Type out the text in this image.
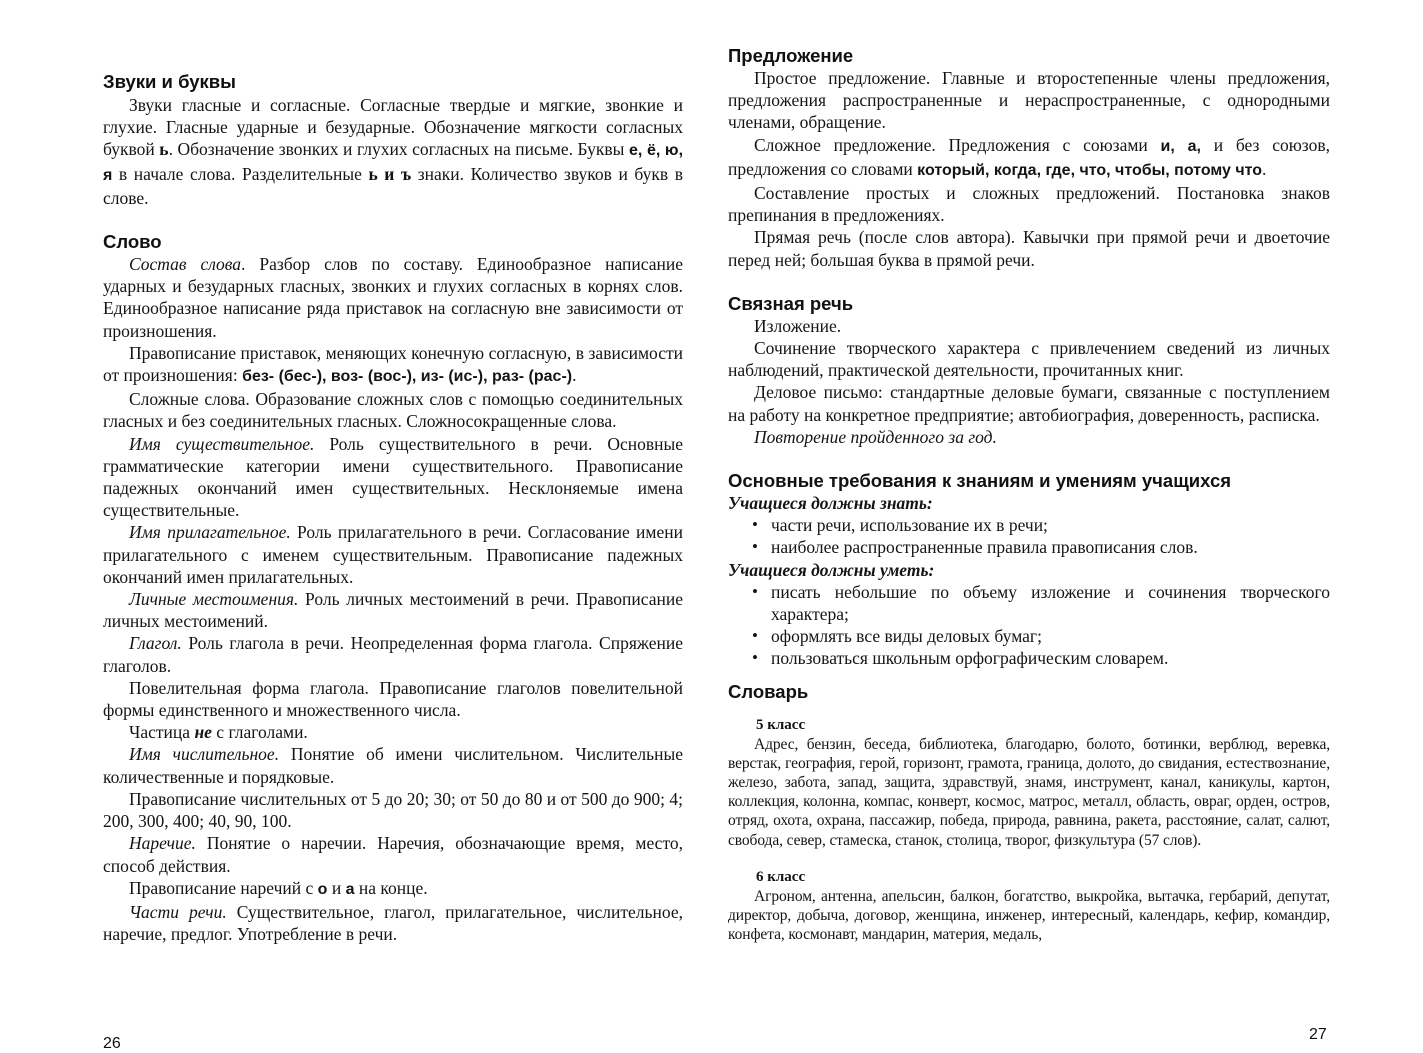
Звуки и буквы

Звуки гласные и согласные. Согласные твердые и мягкие, звонкие и глухие. Гласные ударные и безударные. Обозначение мягкости согласных буквой ь. Обозначение звонких и глухих согласных на письме. Буквы е, ё, ю, я в начале слова. Разделительные ь и ъ знаки. Количество звуков и букв в слове.

Слово

Состав слова. Разбор слов по составу. Единообразное написание ударных и безударных гласных, звонких и глухих согласных в корнях слов. Единообразное написание ряда приставок на согласную вне зависимости от произношения.

Правописание приставок, меняющих конечную согласную, в зависимости от произношения: без- (бес-), воз- (вос-), из- (ис-), раз- (рас-).

Сложные слова. Образование сложных слов с помощью соединительных гласных и без соединительных гласных. Сложносокращенные слова.

Имя существительное. Роль существительного в речи. Основные грамматические категории имени существительного. Правописание падежных окончаний имен существительных. Несклоняемые имена существительные.

Имя прилагательное. Роль прилагательного в речи. Согласование имени прилагательного с именем существительным. Правописание падежных окончаний имен прилагательных.

Личные местоимения. Роль личных местоимений в речи. Правописание личных местоимений.

Глагол. Роль глагола в речи. Неопределенная форма глагола. Спряжение глаголов.

Повелительная форма глагола. Правописание глаголов повелительной формы единственного и множественного числа.

Частица не с глаголами.

Имя числительное. Понятие об имени числительном. Числительные количественные и порядковые.

Правописание числительных от 5 до 20; 30; от 50 до 80 и от 500 до 900; 4; 200, 300, 400; 40, 90, 100.

Наречие. Понятие о наречии. Наречия, обозначающие время, место, способ действия.

Правописание наречий с о и а на конце.

Части речи. Существительное, глагол, прилагательное, числительное, наречие, предлог. Употребление в речи.

26
Предложение

Простое предложение. Главные и второстепенные члены предложения, предложения распространенные и нераспространенные, с однородными членами, обращение.

Сложное предложение. Предложения с союзами и, а, и без союзов, предложения со словами который, когда, где, что, чтобы, потому что.

Составление простых и сложных предложений. Постановка знаков препинания в предложениях.

Прямая речь (после слов автора). Кавычки при прямой речи и двоеточие перед ней; большая буква в прямой речи.

Связная речь

Изложение.

Сочинение творческого характера с привлечением сведений из личных наблюдений, практической деятельности, прочитанных книг.

Деловое письмо: стандартные деловые бумаги, связанные с поступлением на работу на конкретное предприятие; автобиография, доверенность, расписка.

Повторение пройденного за год.

Основные требования к знаниям и умениям учащихся

Учащиеся должны знать:

• части речи, использование их в речи;
• наиболее распространенные правила правописания слов.

Учащиеся должны уметь:

• писать небольшие по объему изложение и сочинения творческого характера;
• оформлять все виды деловых бумаг;
• пользоваться школьным орфографическим словарем.
Словарь

5 класс

Адрес, бензин, беседа, библиотека, благодарю, болото, ботинки, верблюд, веревка, верстак, география, герой, горизонт, грамота, граница, долото, до свидания, естествознание, железо, забота, запад, защита, здравствуй, знамя, инструмент, канал, каникулы, картон, коллекция, колонна, компас, конверт, космос, матрос, металл, область, овраг, орден, остров, отряд, охота, охрана, пассажир, победа, природа, равнина, ракета, расстояние, салат, салют, свобода, север, стамеска, станок, столица, творог, физкультура (57 слов).

6 класс

Агроном, антенна, апельсин, балкон, богатство, выкройка, вытачка, гербарий, депутат, директор, добыча, договор, женщина, инженер, интересный, календарь, кефир, командир, конфета, космонавт, мандарин, материя, медаль,

27
